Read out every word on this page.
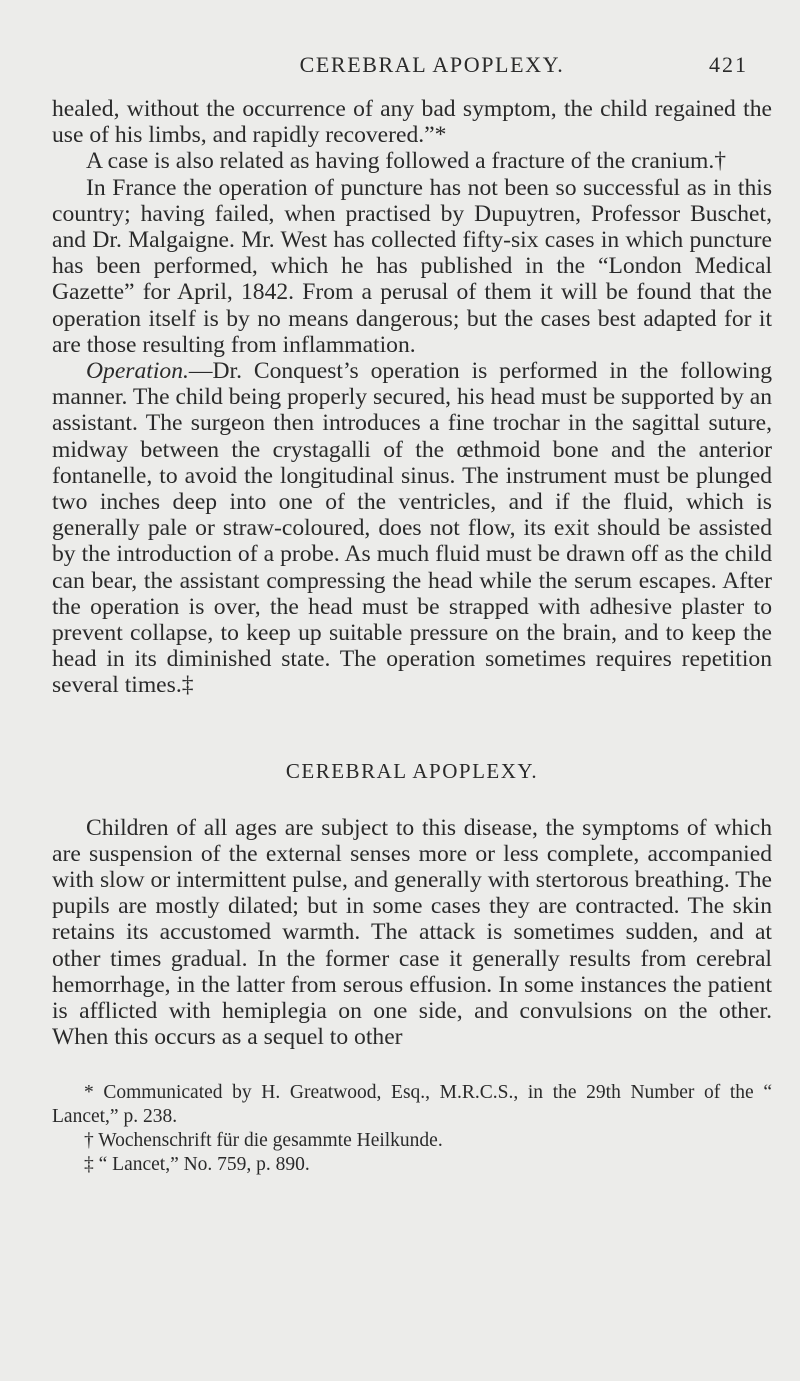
CEREBRAL APOPLEXY.	421

healed, without the occurrence of any bad symptom, the child regained the use of his limbs, and rapidly recovered.”*

A case is also related as having followed a fracture of the cranium.†

In France the operation of puncture has not been so successful as in this country; having failed, when practised by Dupuytren, Professor Buschet, and Dr. Malgaigne. Mr. West has collected fifty-six cases in which puncture has been performed, which he has published in the “London Medical Gazette” for April, 1842. From a perusal of them it will be found that the operation itself is by no means dangerous; but the cases best adapted for it are those resulting from inflammation.

Operation.—Dr. Conquest’s operation is performed in the following manner. The child being properly secured, his head must be supported by an assistant. The surgeon then introduces a fine trochar in the sagittal suture, midway between the crystagalli of the œthmoid bone and the anterior fontanelle, to avoid the longitudinal sinus. The instrument must be plunged two inches deep into one of the ventricles, and if the fluid, which is generally pale or straw-coloured, does not flow, its exit should be assisted by the introduction of a probe. As much fluid must be drawn off as the child can bear, the assistant compressing the head while the serum escapes. After the operation is over, the head must be strapped with adhesive plaster to prevent collapse, to keep up suitable pressure on the brain, and to keep the head in its diminished state. The operation sometimes requires repetition several times.‡

CEREBRAL APOPLEXY.

Children of all ages are subject to this disease, the symptoms of which are suspension of the external senses more or less complete, accompanied with slow or intermittent pulse, and generally with stertorous breathing. The pupils are mostly dilated; but in some cases they are contracted. The skin retains its accustomed warmth. The attack is sometimes sudden, and at other times gradual. In the former case it generally results from cerebral hemorrhage, in the latter from serous effusion. In some instances the patient is afflicted with hemiplegia on one side, and convulsions on the other. When this occurs as a sequel to other

* Communicated by H. Greatwood, Esq., M.R.C.S., in the 29th Number of the “ Lancet,” p. 238.

† Wochenschrift für die gesammte Heilkunde.

‡ “ Lancet,” No. 759, p. 890.
